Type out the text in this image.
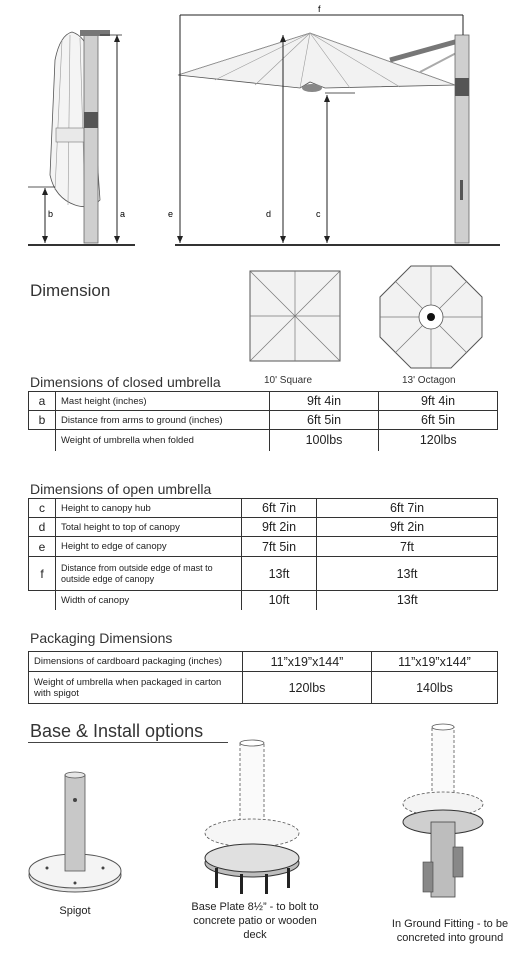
a
b
f
e	d	c
Dimension
10' Square	13' Octagon
Dimensions of closed umbrella
a	Mast height (inches)	9ft 4in	9ft 4in
b	Distance from arms to ground (inches)	6ft 5in	6ft 5in
	Weight of umbrella when folded	100lbs	120lbs
Dimensions of open umbrella
c	Height to canopy hub	6ft 7in	6ft 7in
d	Total height to top of canopy	9ft 2in	9ft 2in
e	Height to edge of canopy	7ft 5in	7ft
f	Distance from outside edge of mast to outside edge of canopy	13ft	13ft
	Width of canopy	10ft	13ft
Packaging Dimensions
Dimensions of cardboard packaging (inches)	11”x19”x144”	11”x19”x144”
Weight of umbrella when packaged in carton with spigot	120lbs	140lbs
Base & Install options
Spigot	Base Plate 8½” - to bolt to concrete patio or wooden deck
In Ground Fitting - to be concreted into ground
